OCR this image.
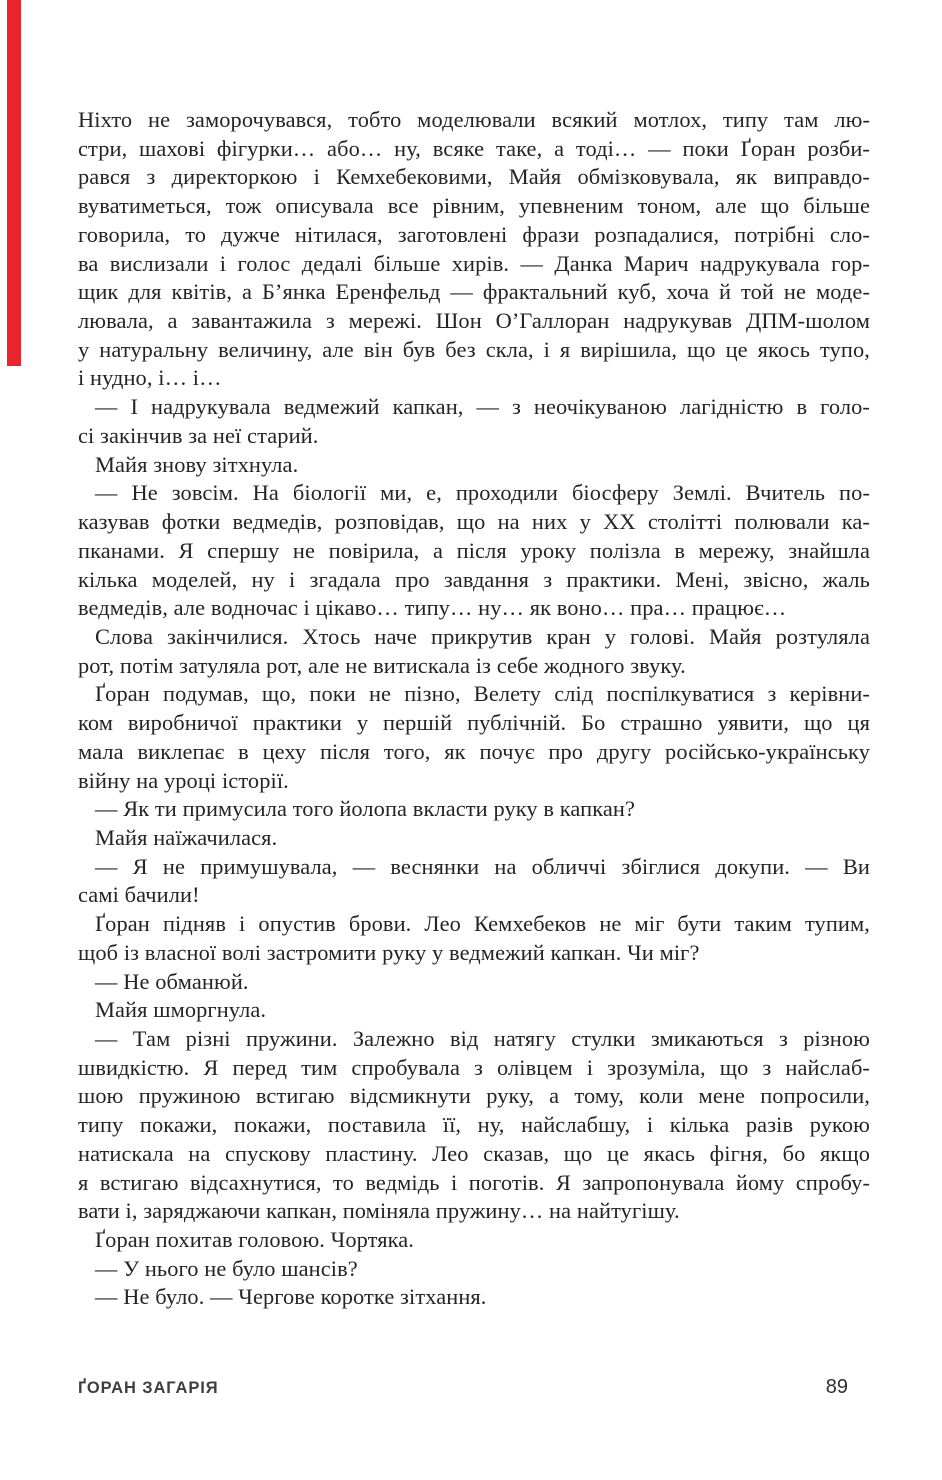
Ніхто не заморочувався, тобто моделювали всякий мотлох, типу там лю-
стри, шахові фігурки… або… ну, всяке таке, а тоді… — поки Ґоран розби-
рався з директоркою і Кемхебековими, Майя обмізковувала, як виправдо-
вуватиметься, тож описувала все рівним, упевненим тоном, але що більше
говорила, то дужче нітилася, заготовлені фрази розпадалися, потрібні сло-
ва вислизали і голос дедалі більше хирів. — Данка Марич надрукувала гор-
щик для квітів, а Б’янка Еренфельд — фрактальний куб, хоча й той не моде-
лювала, а завантажила з мережі. Шон О’Галлоран надрукував ДПМ-шолом
у натуральну величину, але він був без скла, і я вирішила, що це якось тупо,
і нудно, і… і…
— І надрукувала ведмежий капкан, — з неочікуваною лагідністю в голо-
сі закінчив за неї старий.
Майя знову зітхнула.
— Не зовсім. На біології ми, е, проходили біосферу Землі. Вчитель по-
казував фотки ведмедів, розповідав, що на них у XX столітті полювали ка-
пканами. Я спершу не повірила, а після уроку полізла в мережу, знайшла
кілька моделей, ну і згадала про завдання з практики. Мені, звісно, жаль
ведмедів, але водночас і цікаво… типу… ну… як воно… пра… працює…
Слова закінчилися. Хтось наче прикрутив кран у голові. Майя розтуляла
рот, потім затуляла рот, але не витискала із себе жодного звуку.
Ґоран подумав, що, поки не пізно, Велету слід поспілкуватися з керівни-
ком виробничої практики у першій публічній. Бо страшно уявити, що ця
мала виклепає в цеху після того, як почує про другу російсько-українську
війну на уроці історії.
— Як ти примусила того йолопа вкласти руку в капкан?
Майя наїжачилася.
— Я не примушувала, — веснянки на обличчі збіглися докупи. — Ви
самі бачили!
Ґоран підняв і опустив брови. Лео Кемхебеков не міг бути таким тупим,
щоб із власної волі застромити руку у ведмежий капкан. Чи міг?
— Не обманюй.
Майя шморгнула.
— Там різні пружини. Залежно від натягу стулки змикаються з різною
швидкістю. Я перед тим спробувала з олівцем і зрозуміла, що з найслаб-
шою пружиною встигаю відсмикнути руку, а тому, коли мене попросили,
типу покажи, покажи, поставила її, ну, найслабшу, і кілька разів рукою
натискала на спускову пластину. Лео сказав, що це якась фігня, бо якщо
я встигаю відсахнутися, то ведмідь і поготів. Я запропонувала йому спробу-
вати і, заряджаючи капкан, поміняла пружину… на найтугішу.
Ґоран похитав головою. Чортяка.
— У нього не було шансів?
— Не було. — Чергове коротке зітхання.
ҐОРАН ЗАГАРІЯ	89
